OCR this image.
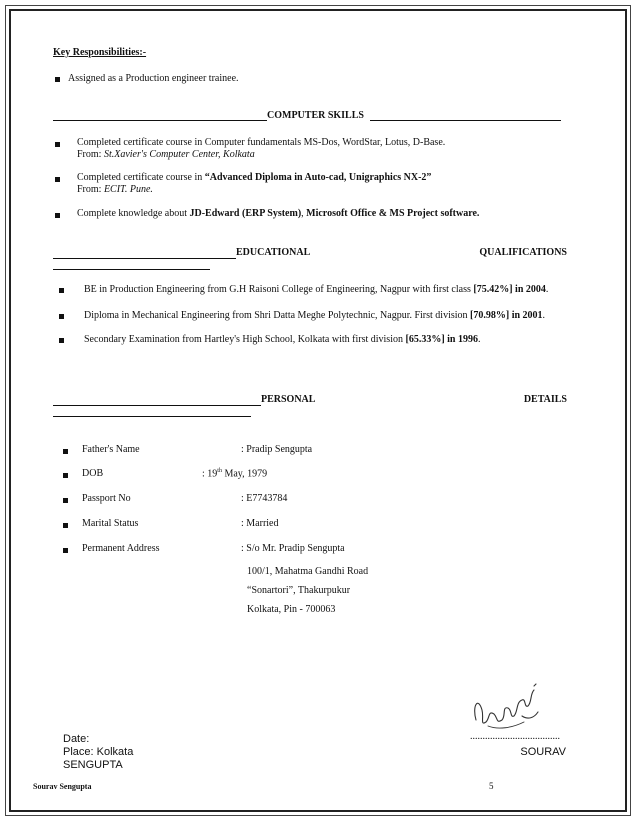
Key Responsibilities:-
Assigned as a Production engineer trainee.
COMPUTER SKILLS
Completed certificate course in Computer fundamentals MS-Dos, WordStar, Lotus, D-Base.
From: St.Xavier's Computer Center, Kolkata
Completed certificate course in “Advanced Diploma in Auto-cad, Unigraphics NX-2”
From: ECIT. Pune.
Complete knowledge about JD-Edward (ERP System), Microsoft Office & MS Project software.
EDUCATIONAL	QUALIFICATIONS
BE in Production Engineering from G.H Raisoni College of Engineering, Nagpur with first class [75.42%] in 2004.
Diploma in Mechanical Engineering from Shri Datta Meghe Polytechnic, Nagpur. First division [70.98%] in 2001.
Secondary Examination from Hartley's High School, Kolkata with first division [65.33%] in 1996.
PERSONAL	DETAILS
Father's Name	: Pradip Sengupta
DOB	: 19th May, 1979
Passport No	: E7743784
Marital Status	: Married
Permanent Address	: S/o Mr. Pradip Sengupta
100/1, Mahatma Gandhi Road
“Sonartori”, Thakurpukur
Kolkata, Pin - 700063
Date:	....................................
Place: Kolkata	SOURAV
SENGUPTA
Sourav Sengupta	5
